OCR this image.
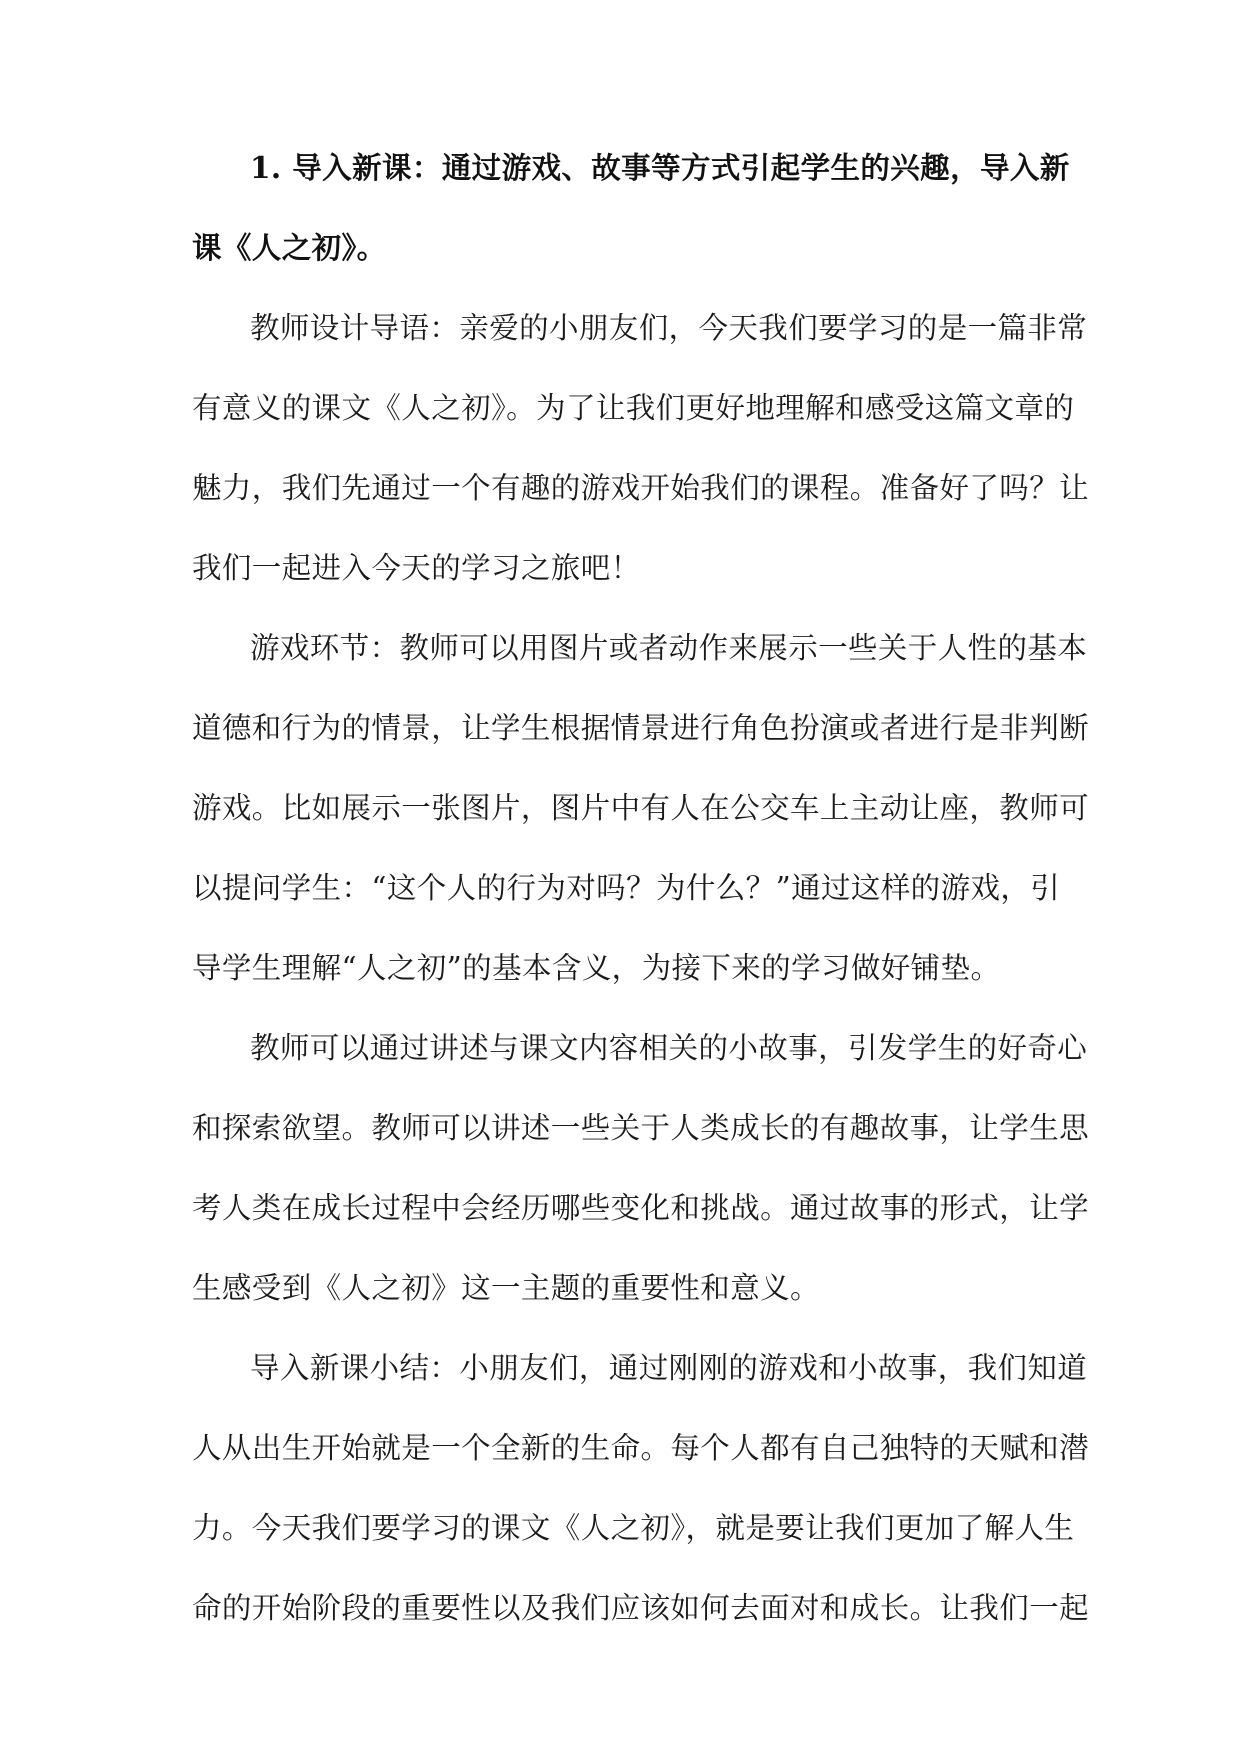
1. 导入新课：通过游戏、故事等方式引起学生的兴趣，导入新
课《人之初》。
教师设计导语：亲爱的小朋友们，今天我们要学习的是一篇非常
有意义的课文《人之初》。为了让我们更好地理解和感受这篇文章的
魅力，我们先通过一个有趣的游戏开始我们的课程。准备好了吗？让
我们一起进入今天的学习之旅吧！
游戏环节：教师可以用图片或者动作来展示一些关于人性的基本
道德和行为的情景，让学生根据情景进行角色扮演或者进行是非判断
游戏。比如展示一张图片，图片中有人在公交车上主动让座，教师可
以提问学生：“这个人的行为对吗？为什么？”通过这样的游戏，引
导学生理解“人之初”的基本含义，为接下来的学习做好铺垫。
教师可以通过讲述与课文内容相关的小故事，引发学生的好奇心
和探索欲望。教师可以讲述一些关于人类成长的有趣故事，让学生思
考人类在成长过程中会经历哪些变化和挑战。通过故事的形式，让学
生感受到《人之初》这一主题的重要性和意义。
导入新课小结：小朋友们，通过刚刚的游戏和小故事，我们知道
人从出生开始就是一个全新的生命。每个人都有自己独特的天赋和潜
力。今天我们要学习的课文《人之初》，就是要让我们更加了解人生
命的开始阶段的重要性以及我们应该如何去面对和成长。让我们一起
